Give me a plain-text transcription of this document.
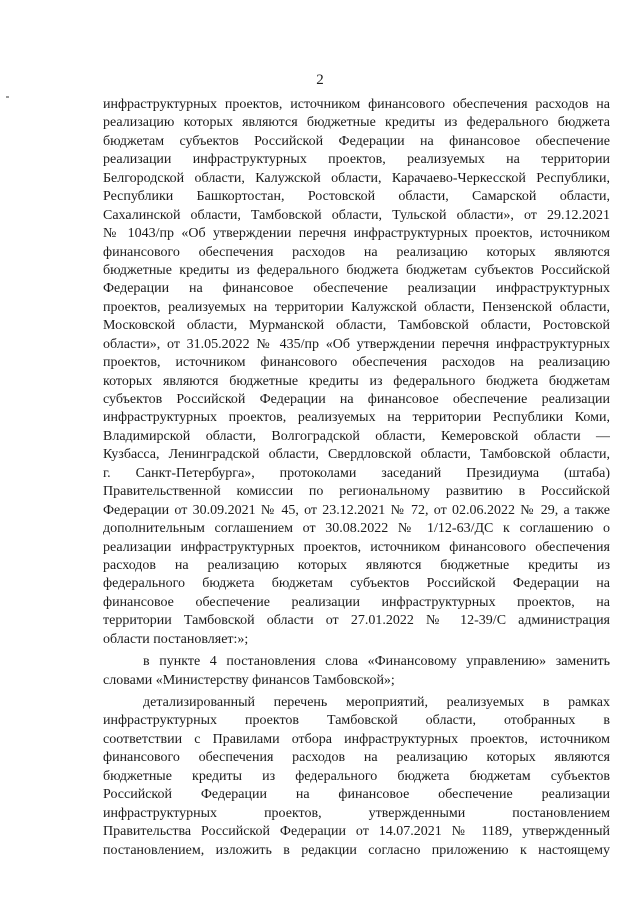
2
инфраструктурных проектов, источником финансового обеспечения расходов на
реализацию которых являются бюджетные кредиты из федерального бюджета
бюджетам субъектов Российской Федерации на финансовое обеспечение
реализации инфраструктурных проектов, реализуемых на территории
Белгородской области, Калужской области, Карачаево-Черкесской Республики,
Республики Башкортостан, Ростовской области, Самарской области,
Сахалинской области, Тамбовской области, Тульской области», от 29.12.2021
№ 1043/пр «Об утверждении перечня инфраструктурных проектов, источником
финансового обеспечения расходов на реализацию которых являются
бюджетные кредиты из федерального бюджета бюджетам субъектов Российской
Федерации на финансовое обеспечение реализации инфраструктурных
проектов, реализуемых на территории Калужской области, Пензенской области,
Московской области, Мурманской области, Тамбовской области, Ростовской
области», от 31.05.2022 № 435/пр «Об утверждении перечня инфраструктурных
проектов, источником финансового обеспечения расходов на реализацию
которых являются бюджетные кредиты из федерального бюджета бюджетам
субъектов Российской Федерации на финансовое обеспечение реализации
инфраструктурных проектов, реализуемых на территории Республики Коми,
Владимирской области, Волгоградской области, Кемеровской области —
Кузбасса, Ленинградской области, Свердловской области, Тамбовской области,
г. Санкт-Петербурга», протоколами заседаний Президиума (штаба)
Правительственной комиссии по региональному развитию в Российской
Федерации от 30.09.2021 № 45, от 23.12.2021 № 72, от 02.06.2022 № 29, а также
дополнительным соглашением от 30.08.2022 № 1/12-63/ДС к соглашению о
реализации инфраструктурных проектов, источником финансового обеспечения
расходов на реализацию которых являются бюджетные кредиты из
федерального бюджета бюджетам субъектов Российской Федерации на
финансовое обеспечение реализации инфраструктурных проектов, на
территории Тамбовской области от 27.01.2022 № 12-39/С администрация
области постановляет:»;
в пункте 4 постановления слова «Финансовому управлению» заменить
словами «Министерству финансов Тамбовской»;
детализированный перечень мероприятий, реализуемых в рамках
инфраструктурных проектов Тамбовской области, отобранных в
соответствии с Правилами отбора инфраструктурных проектов, источником
финансового обеспечения расходов на реализацию которых являются
бюджетные кредиты из федерального бюджета бюджетам субъектов
Российской Федерации на финансовое обеспечение реализации
инфраструктурных проектов, утвержденными постановлением
Правительства Российской Федерации от 14.07.2021 № 1189, утвержденный
постановлением, изложить в редакции согласно приложению к настоящему
